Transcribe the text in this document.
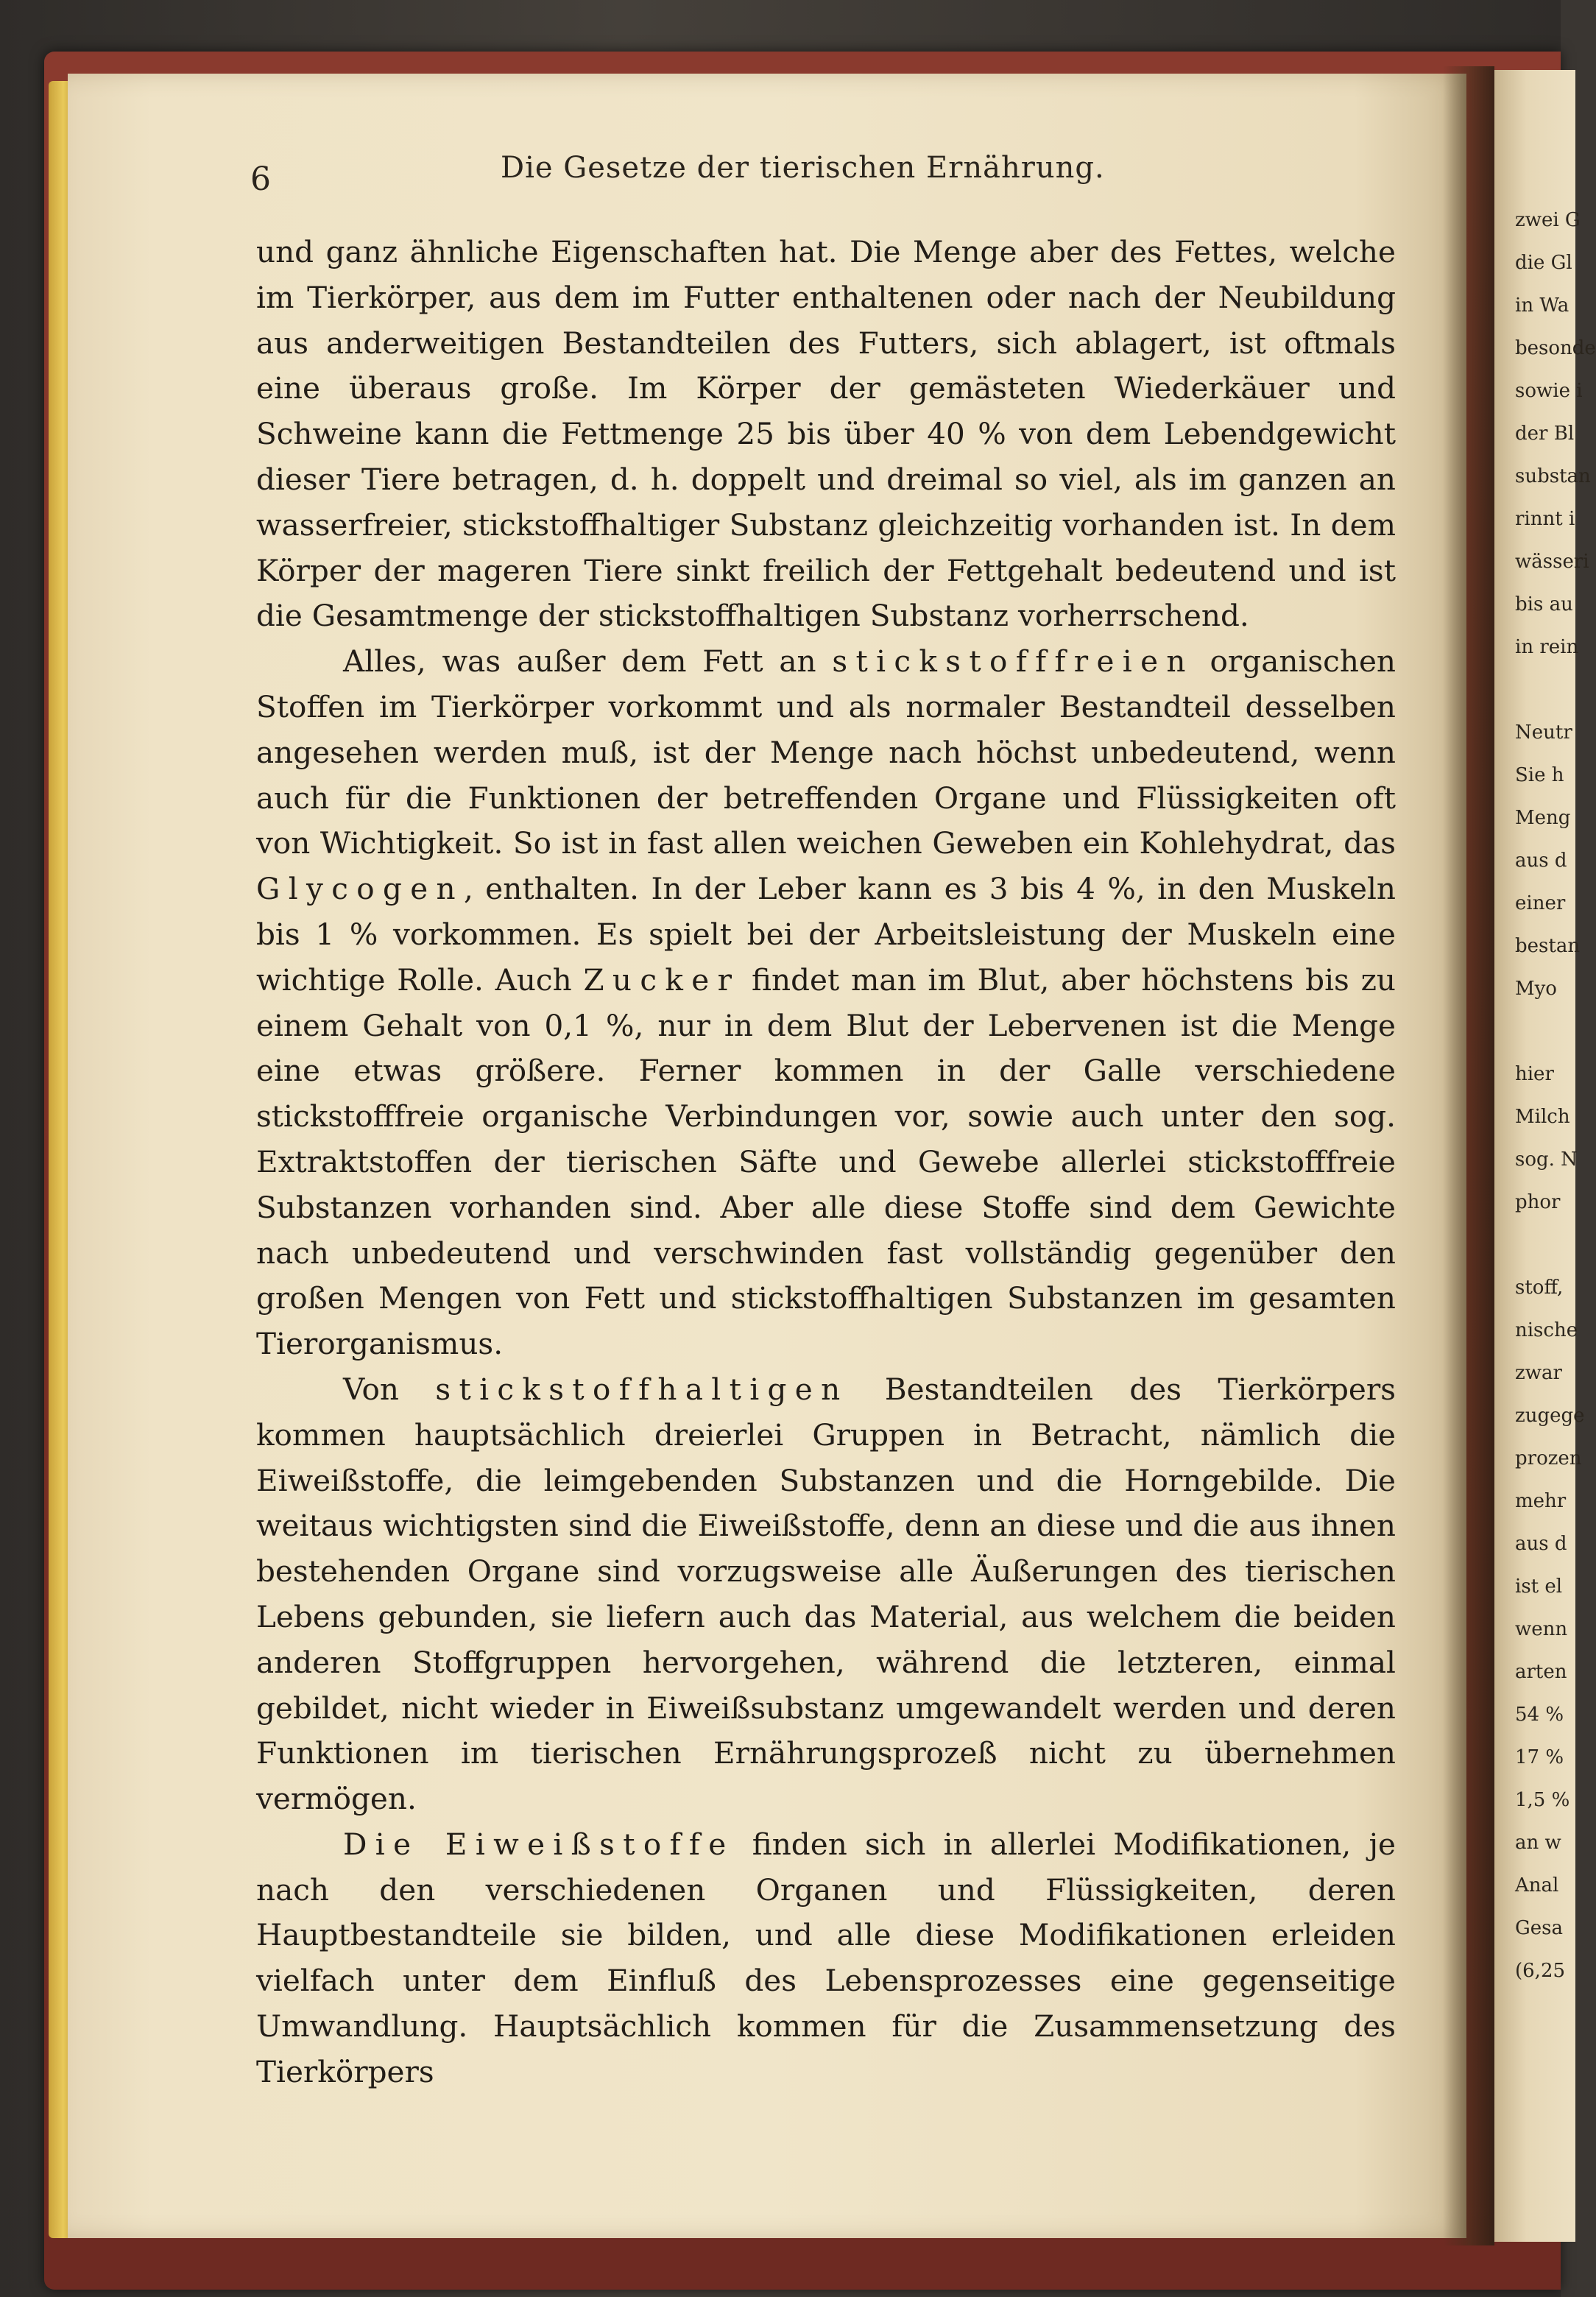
6	Die Gesetze der tierischen Ernährung.

und ganz ähnliche Eigenschaften hat. Die Menge aber des Fettes, welche im Tierkörper, aus dem im Futter enthaltenen oder nach der Neubildung aus anderweitigen Bestandteilen des Futters, sich ablagert, ist oftmals eine überaus große. Im Körper der gemästeten Wiederkäuer und Schweine kann die Fettmenge 25 bis über 40 % von dem Lebendgewicht dieser Tiere betragen, d. h. doppelt und dreimal so viel, als im ganzen an wasserfreier, stickstoffhaltiger Substanz gleichzeitig vorhanden ist. In dem Körper der mageren Tiere sinkt freilich der Fettgehalt bedeutend und ist die Gesamtmenge der stickstoffhaltigen Substanz vorherrschend.

Alles, was außer dem Fett an stickstofffreien organischen Stoffen im Tierkörper vorkommt und als normaler Bestandteil desselben angesehen werden muß, ist der Menge nach höchst unbedeutend, wenn auch für die Funktionen der betreffenden Organe und Flüssigkeiten oft von Wichtigkeit. So ist in fast allen weichen Geweben ein Kohlehydrat, das Glycogen, enthalten. In der Leber kann es 3 bis 4 %, in den Muskeln bis 1 % vorkommen. Es spielt bei der Arbeitsleistung der Muskeln eine wichtige Rolle. Auch Zucker findet man im Blut, aber höchstens bis zu einem Gehalt von 0,1 %, nur in dem Blut der Lebervenen ist die Menge eine etwas größere. Ferner kommen in der Galle verschiedene stickstofffreie organische Verbindungen vor, sowie auch unter den sog. Extraktstoffen der tierischen Säfte und Gewebe allerlei stickstofffreie Substanzen vorhanden sind. Aber alle diese Stoffe sind dem Gewichte nach unbedeutend und verschwinden fast vollständig gegenüber den großen Mengen von Fett und stickstoffhaltigen Substanzen im gesamten Tierorganismus.

Von stickstoffhaltigen Bestandteilen des Tierkörpers kommen hauptsächlich dreierlei Gruppen in Betracht, nämlich die Eiweißstoffe, die leimgebenden Substanzen und die Horngebilde. Die weitaus wichtigsten sind die Eiweißstoffe, denn an diese und die aus ihnen bestehenden Organe sind vorzugsweise alle Äußerungen des tierischen Lebens gebunden, sie liefern auch das Material, aus welchem die beiden anderen Stoffgruppen hervorgehen, während die letzteren, einmal gebildet, nicht wieder in Eiweißsubstanz umgewandelt werden und deren Funktionen im tierischen Ernährungsprozeß nicht zu übernehmen vermögen.

Die Eiweißstoffe finden sich in allerlei Modifikationen, je nach den verschiedenen Organen und Flüssigkeiten, deren Hauptbestandteile sie bilden, und alle diese Modifikationen erleiden vielfach unter dem Einfluß des Lebensprozesses eine gegenseitige Umwandlung. Hauptsächlich kommen für die Zusammensetzung des Tierkörpers

zwei G
die Gl
in Wa
besonde
sowie i
der Bl
substan
rinnt i
wässeri
bis au
in rein
Neutr
Sie h
Meng
aus d
einer
bestan
Myo
hier
Milch
sog. N
phor
stoff,
nische
zwar
zugege
prozen
mehr
aus d
ist el
wenn
arten
54 %
17 %
1,5 %
an w
Anal
Gesa
(6,25
